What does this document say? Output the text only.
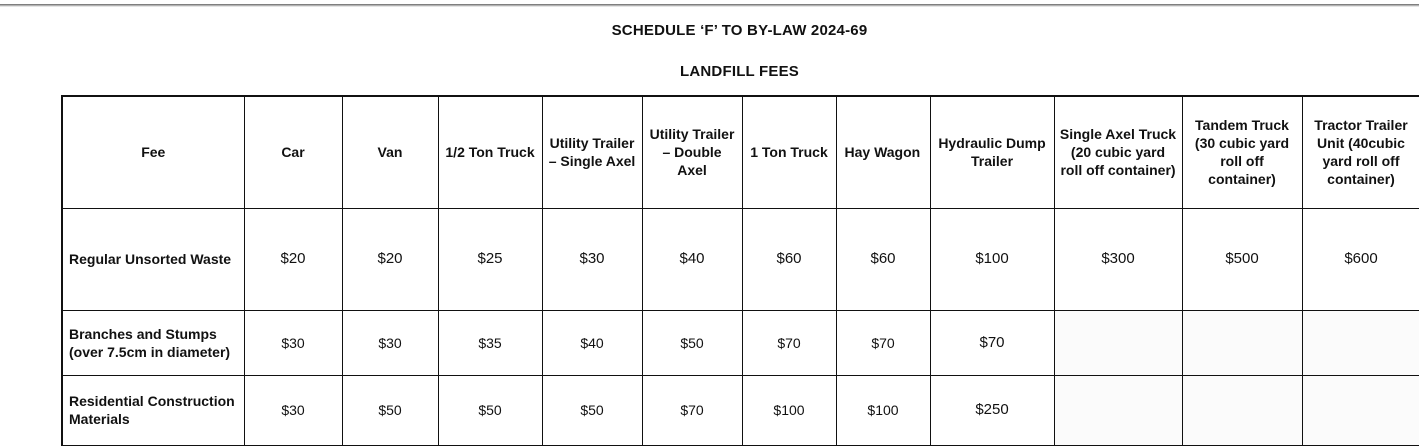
SCHEDULE ‘F’ TO BY-LAW 2024-69
LANDFILL FEES
Fee	Car	Van	1/2 Ton Truck	Utility Trailer – Single Axel	Utility Trailer – Double Axel	1 Ton Truck	Hay Wagon	Hydraulic Dump Trailer	Single Axel Truck (20 cubic yard roll off container)	Tandem Truck (30 cubic yard roll off container)	Tractor Trailer Unit (40cubic yard roll off container)
Regular Unsorted Waste	$20	$20	$25	$30	$40	$60	$60	$100	$300	$500	$600
Branches and Stumps (over 7.5cm in diameter)	$30	$30	$35	$40	$50	$70	$70	$70			
Residential Construction Materials	$30	$50	$50	$50	$70	$100	$100	$250			
